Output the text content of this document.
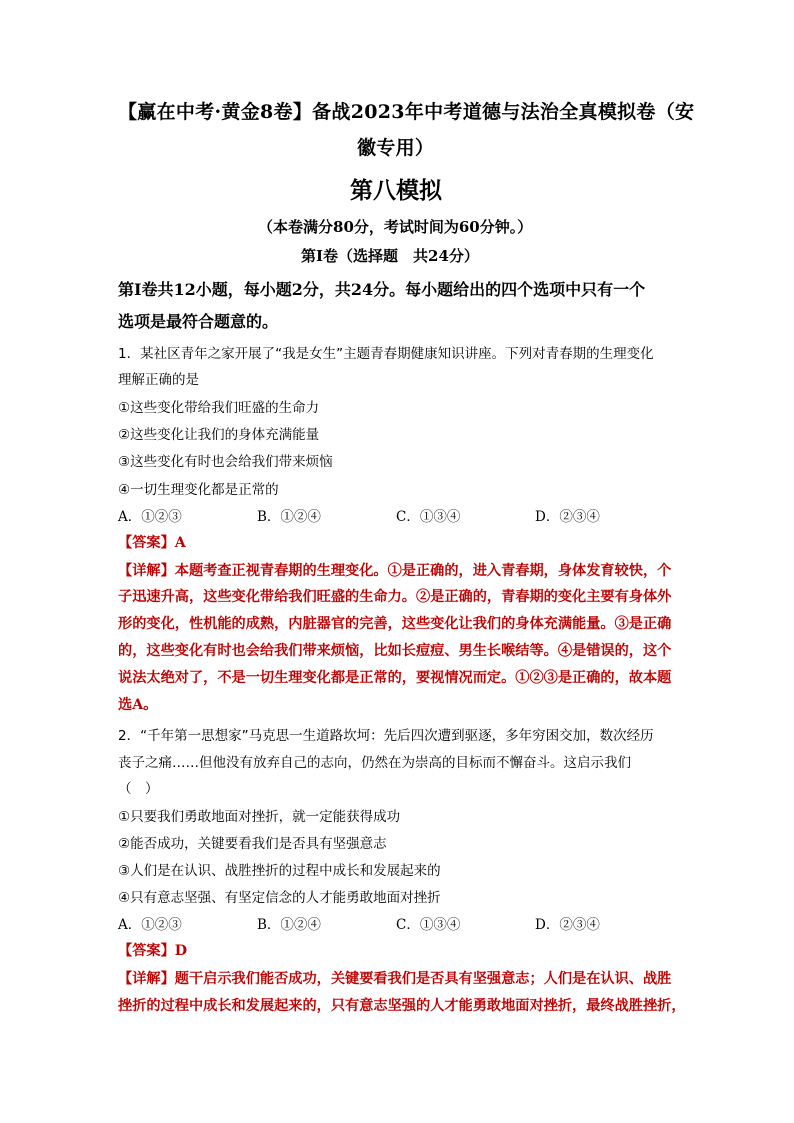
【赢在中考·黄金8卷】备战2023年中考道德与法治全真模拟卷（安
徽专用）
第八模拟
（本卷满分80分，考试时间为60分钟。）
第I卷（选择题　共24分）
第I卷共12小题，每小题2分，共24分。每小题给出的四个选项中只有一个
选项是最符合题意的。
1．某社区青年之家开展了“我是女生”主题青春期健康知识讲座。下列对青春期的生理变化
理解正确的是
①这些变化带给我们旺盛的生命力
②这些变化让我们的身体充满能量
③这些变化有时也会给我们带来烦恼
④一切生理变化都是正常的
A．①②③	B．①②④	C．①③④	D．②③④
【答案】A
【详解】本题考查正视青春期的生理变化。①是正确的，进入青春期，身体发育较快，个
子迅速升高，这些变化带给我们旺盛的生命力。②是正确的，青春期的变化主要有身体外
形的变化，性机能的成熟，内脏器官的完善，这些变化让我们的身体充满能量。③是正确
的，这些变化有时也会给我们带来烦恼，比如长痘痘、男生长喉结等。④是错误的，这个
说法太绝对了，不是一切生理变化都是正常的，要视情况而定。①②③是正确的，故本题
选A。
2．“千年第一思想家”马克思一生道路坎坷：先后四次遭到驱逐，多年穷困交加，数次经历
丧子之痛……但他没有放弃自己的志向，仍然在为崇高的目标而不懈奋斗。这启示我们
（　）
①只要我们勇敢地面对挫折，就一定能获得成功
②能否成功，关键要看我们是否具有坚强意志
③人们是在认识、战胜挫折的过程中成长和发展起来的
④只有意志坚强、有坚定信念的人才能勇敢地面对挫折
A．①②③	B．①②④	C．①③④	D．②③④
【答案】D
【详解】题干启示我们能否成功，关键要看我们是否具有坚强意志；人们是在认识、战胜
挫折的过程中成长和发展起来的，只有意志坚强的人才能勇敢地面对挫折，最终战胜挫折，
